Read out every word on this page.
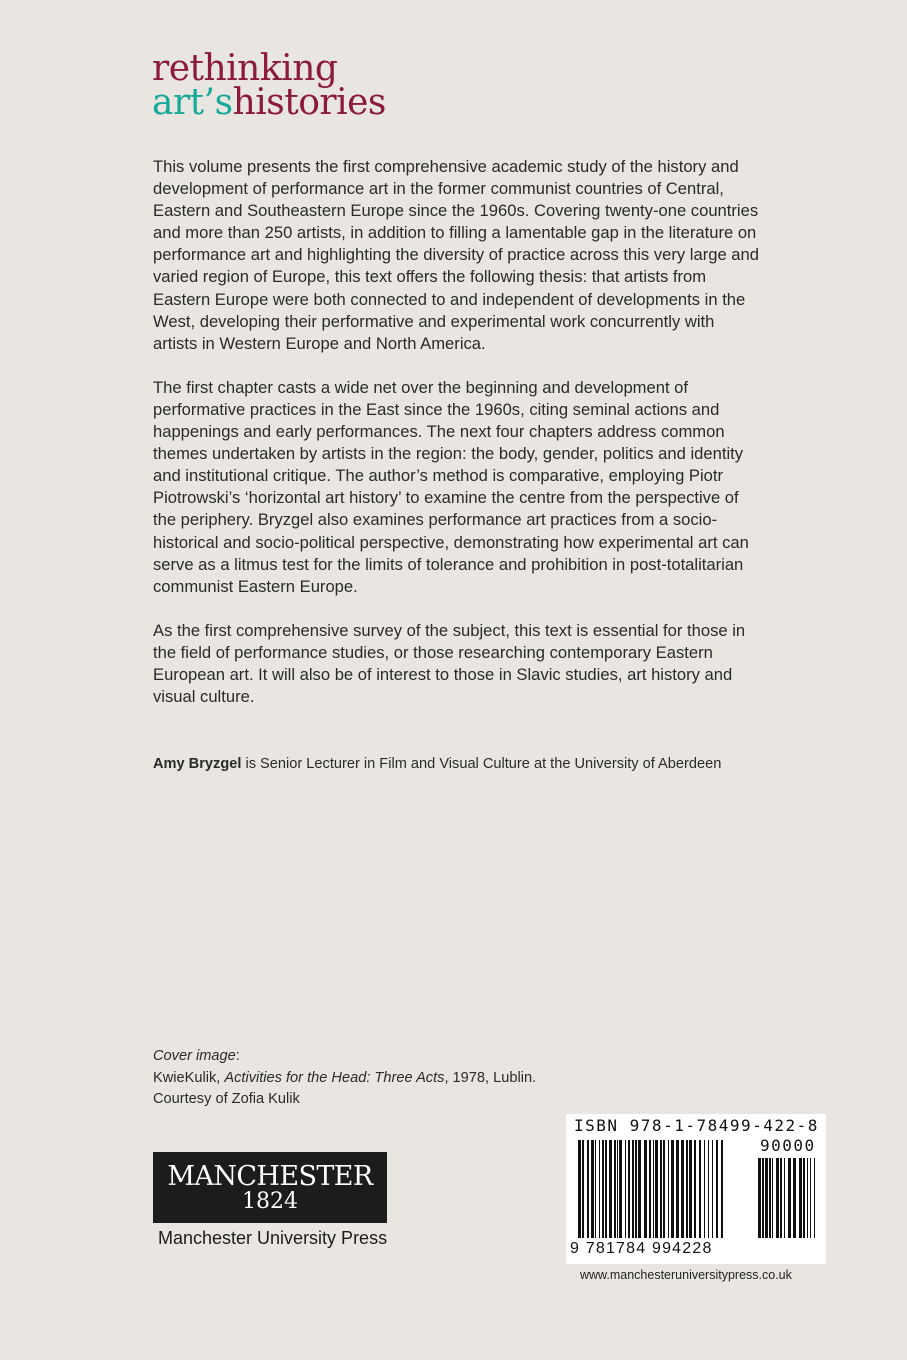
rethinking
art’shistories

This volume presents the first comprehensive academic study of the history and development of performance art in the former communist countries of Central, Eastern and Southeastern Europe since the 1960s. Covering twenty-one countries and more than 250 artists, in addition to filling a lamentable gap in the literature on performance art and highlighting the diversity of practice across this very large and varied region of Europe, this text offers the following thesis: that artists from Eastern Europe were both connected to and independent of developments in the West, developing their performative and experimental work concurrently with artists in Western Europe and North America.

The first chapter casts a wide net over the beginning and development of performative practices in the East since the 1960s, citing seminal actions and happenings and early performances. The next four chapters address common themes undertaken by artists in the region: the body, gender, politics and identity and institutional critique. The author’s method is comparative, employing Piotr Piotrowski’s ‘horizontal art history’ to examine the centre from the perspective of the periphery. Bryzgel also examines performance art practices from a socio-historical and socio-political perspective, demonstrating how experimental art can serve as a litmus test for the limits of tolerance and prohibition in post-totalitarian communist Eastern Europe.

As the first comprehensive survey of the subject, this text is essential for those in the field of performance studies, or those researching contemporary Eastern European art. It will also be of interest to those in Slavic studies, art history and visual culture.

Amy Bryzgel is Senior Lecturer in Film and Visual Culture at the University of Aberdeen
Cover image:
KwieKulik, Activities for the Head: Three Acts, 1978, Lublin.
Courtesy of Zofia Kulik
MANCHESTER
1824
Manchester University Press
ISBN 978-1-78499-422-8
90000
9 781784 994228
www.manchesteruniversitypress.co.uk
